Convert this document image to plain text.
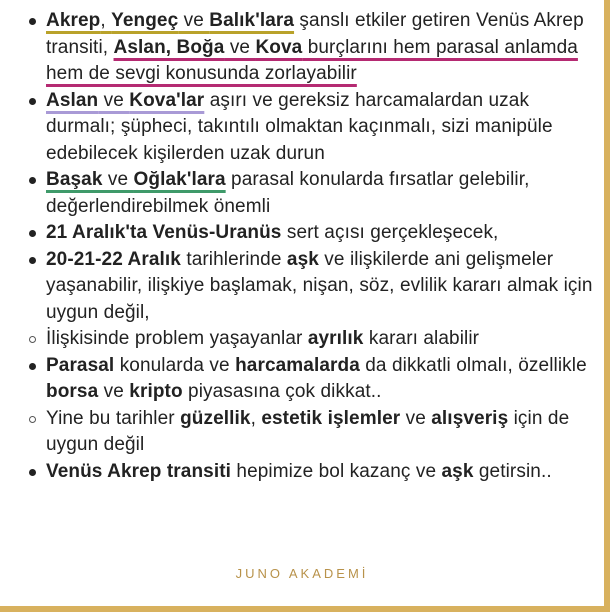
Akrep, Yengeç ve Balık'lara şanslı etkiler getiren Venüs Akrep transiti, Aslan, Boğa ve Kova burçlarını hem parasal anlamda hem de sevgi konusunda zorlayabilir
Aslan ve Kova'lar aşırı ve gereksiz harcamalardan uzak durmalı; şüpheci, takıntılı olmaktan kaçınmalı, sizi manipüle edebilecek kişilerden uzak durun
Başak ve Oğlak'lara parasal konularda fırsatlar gelebilir, değerlendirebilmek önemli
21 Aralık'ta Venüs-Uranüs sert açısı gerçekleşecek,
20-21-22 Aralık tarihlerinde aşk ve ilişkilerde ani gelişmeler yaşanabilir, ilişkiye başlamak, nişan, söz, evlilik kararı almak için uygun değil,
İlişkisinde problem yaşayanlar ayrılık kararı alabilir
Parasal konularda ve harcamalarda da dikkatli olmalı, özellikle borsa ve kripto piyasasına çok dikkat..
Yine bu tarihler güzellik, estetik işlemler ve alışveriş için de uygun değil
Venüs Akrep transiti hepimize bol kazanç ve aşk getirsin..
JUNO AKADEMİ
